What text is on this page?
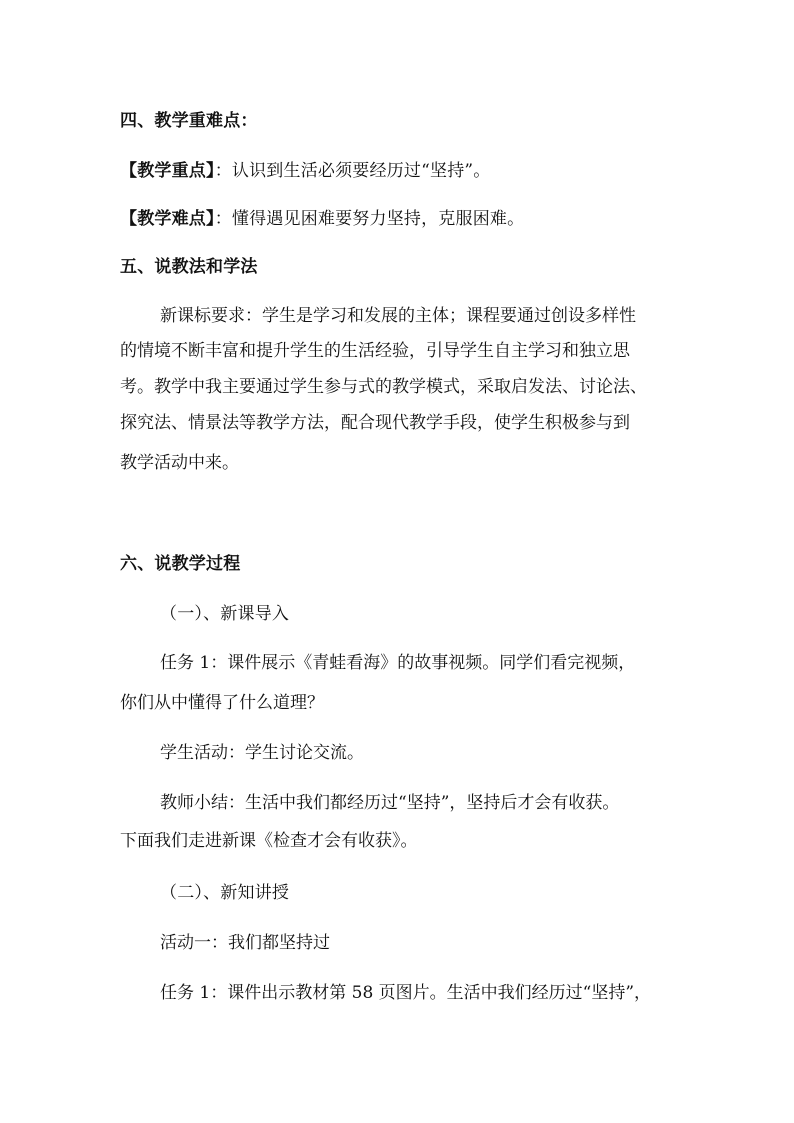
四、教学重难点：
【教学重点】：认识到生活必须要经历过“坚持”。
【教学难点】：懂得遇见困难要努力坚持，克服困难。
五、说教法和学法
新课标要求：学生是学习和发展的主体；课程要通过创设多样性
的情境不断丰富和提升学生的生活经验，引导学生自主学习和独立思
考。教学中我主要通过学生参与式的教学模式，采取启发法、讨论法、
探究法、情景法等教学方法，配合现代教学手段，使学生积极参与到
教学活动中来。
六、说教学过程
（一）、新课导入
任务 1：课件展示《青蛙看海》的故事视频。同学们看完视频，
你们从中懂得了什么道理？
学生活动：学生讨论交流。
教师小结：生活中我们都经历过“坚持”，坚持后才会有收获。
下面我们走进新课《检查才会有收获》。
（二）、新知讲授
活动一：我们都坚持过
任务 1：课件出示教材第 58 页图片。生活中我们经历过“坚持”，
